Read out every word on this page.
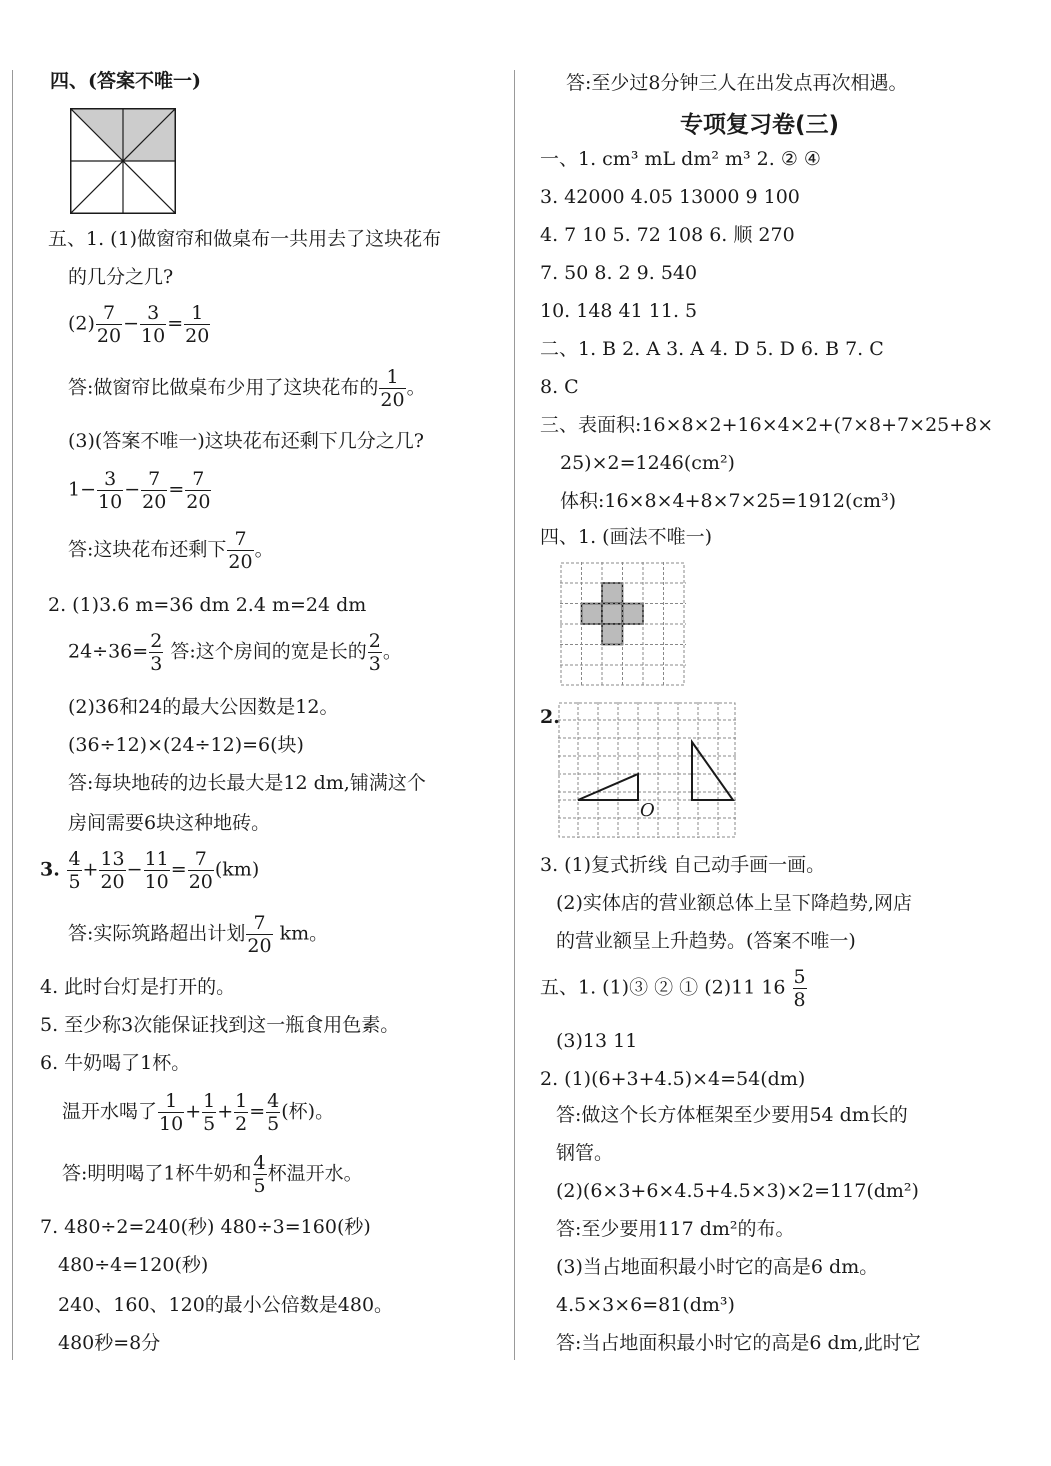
四、(答案不唯一)
五、1. (1)做窗帘和做桌布一共用去了这块花布
的几分之几?
$(2) \frac{7}{20} - \frac{3}{10} = \frac{1}{20}$
答:做窗帘比做桌布少用了这块花布的 $\frac{1}{20}$ 。
(3)(答案不唯一)这块花布还剩下几分之几?
$1- \frac{3}{10} - \frac{7}{20} = \frac{7}{20}$
答:这块花布还剩下 $\frac{7}{20}$ 。
2. (1)3.6 m=36 dm 2.4 m=24 dm
$24\div 36= \frac{2}{3}$ 答:这个房间的宽是长的 $\frac{2}{3}$ 。
(2)36和24的最大公因数是12。
(36÷12)×(24÷12)=6(块)
答:每块地砖的边长最大是12 dm,铺满这个
房间需要6块这种地砖。
3. $\frac{4}{5} + \frac{13}{20} - \frac{11}{10} = \frac{7}{20} (km)$
答:实际筑路超出计划 $\frac{7}{20}$ km。
4. 此时台灯是打开的。
5. 至少称3次能保证找到这一瓶食用色素。
6. 牛奶喝了1杯。
温开水喝了 $\frac{1}{10} + \frac{1}{5} + \frac{1}{2} = \frac{4}{5}$ (杯)。
答:明明喝了1杯牛奶和 $\frac{4}{5}$ 杯温开水。
7. 480÷2=240(秒) 480÷3=160(秒)
480÷4=120(秒)
240、160、120的最小公倍数是480。
480秒=8分
答:至少过8分钟三人在出发点再次相遇。
专项复习卷(三)
一、1. cm³ mL dm² m³ 2. ② ④
3. 42000 4.05 13000 9 100
4. 7 10 5. 72 108 6. 顺 270
7. 50 8. 2 9. 540
10. 148 41 11. 5
二、1. B 2. A 3. A 4. D 5. D 6. B 7. C
8. C
三、表面积:16×8×2+16×4×2+(7×8+7×25+8×
25)×2=1246(cm²)
体积:16×8×4+8×7×25=1912(cm³)
四、1. (画法不唯一)
2.
O
3. (1)复式折线 自己动手画一画。
(2)实体店的营业额总体上呈下降趋势,网店
的营业额呈上升趋势。(答案不唯一)
五、1. (1)③ ② ① (2)11 $16 \frac{5}{8}$
(3)13 11
2. (1)(6+3+4.5)×4=54(dm)
答:做这个长方体框架至少要用54 dm长的
钢管。
(2)(6×3+6×4.5+4.5×3)×2=117(dm²)
答:至少要用117 dm²的布。
(3)当占地面积最小时它的高是6 dm。
4.5×3×6=81(dm³)
答:当占地面积最小时它的高是6 dm,此时它
